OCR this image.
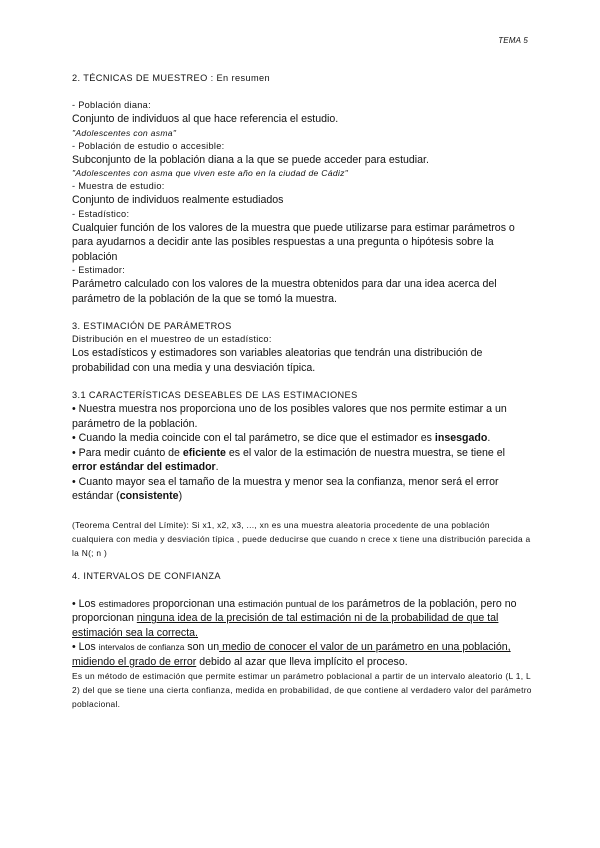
TEMA 5

2. TÉCNICAS DE MUESTREO : En resumen

- Población diana:

Conjunto de individuos al que hace referencia el estudio.

"Adolescentes con asma"

- Población de estudio o accesible:

Subconjunto de la población diana a la que se puede acceder para estudiar.

"Adolescentes con asma que viven este año en la ciudad de Cádiz"

- Muestra de estudio:

Conjunto de individuos realmente estudiados

- Estadístico:

Cualquier función de los valores de la muestra que puede utilizarse para estimar parámetros o para ayudarnos a decidir ante las posibles respuestas a una pregunta o hipótesis sobre la población

- Estimador:

Parámetro calculado con los valores de la muestra obtenidos para dar una idea acerca del parámetro de la población de la que se tomó la muestra.

3. ESTIMACIÓN DE PARÁMETROS

Distribución en el muestreo de un estadístico:

Los estadísticos y estimadores son variables aleatorias que tendrán una distribución de probabilidad con una media y una desviación típica.

3.1 CARACTERÍSTICAS DESEABLES DE LAS ESTIMACIONES

• Nuestra muestra nos proporciona uno de los posibles valores que nos permite estimar a un parámetro de la población.

• Cuando la media coincide con el tal parámetro, se dice que el estimador es insesgado.

• Para medir cuánto de eficiente es el valor de la estimación de nuestra muestra, se tiene el error estándar del estimador.

• Cuanto mayor sea el tamaño de la muestra y menor sea la confianza, menor será el error estándar (consistente)

(Teorema Central del Límite): Si x1, x2, x3, ..., xn es una muestra aleatoria procedente de una población cualquiera con media y desviación típica , puede deducirse que cuando n crece x tiene una distribución parecida a la N(; n )

4. INTERVALOS DE CONFIANZA

• Los estimadores proporcionan una estimación puntual de los parámetros de la población, pero no proporcionan ninguna idea de la precisión de tal estimación ni de la probabilidad de que tal estimación sea la correcta.

• Los intervalos de confianza son un medio de conocer el valor de un parámetro en una población, midiendo el grado de error debido al azar que lleva implícito el proceso.

Es un método de estimación que permite estimar un parámetro poblacional a partir de un intervalo aleatorio (L 1, L 2) del que se tiene una cierta confianza, medida en probabilidad, de que contiene al verdadero valor del parámetro poblacional.
